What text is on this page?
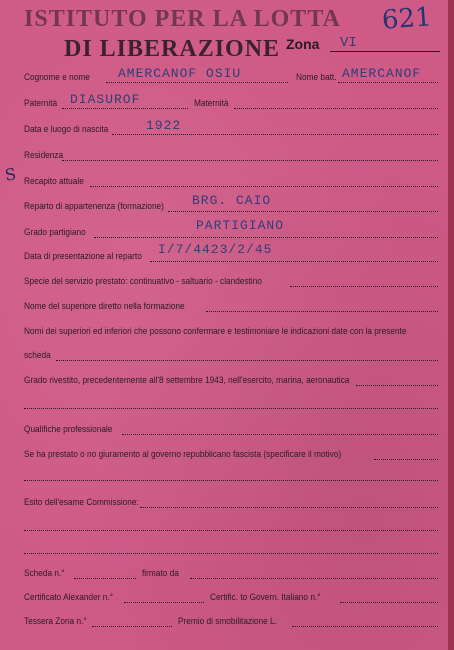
ISTITUTO PER LA LOTTA
DI LIBERAZIONE
621
Zona VI
S
Cognome e nome AMERCANOF OSIU	Nome batt. AMERCANOF
Paternità DIASUROF	Maternità
Data e luogo di nascita	1922
Residenza
Recapito attuale
Reparto di appartenenza (formazione) BRG. CAIO
Grado partigiano	PARTIGIANO
Data di presentazione al reparto I/7/4423/2/45
Specie del servizio prestato: continuativo - saltuario - clandestino
Nome del superiore diretto nella formazione
Nomi dei superiori ed inferiori che possono confermare e testimoniare le indicazioni date con la presente
scheda
Grado rivestito, precedentemente all'8 settembre 1943, nell'esercito, marina, aeronautica
Qualifiche professionale
Se ha prestato o no giuramento al governo repubblicano fascista (specificare il motivo)
Esito dell'esame Commissione:
Scheda n.°	firmato da
Certificato Alexander n.°	Certific. to Govern. Italiano n.°
Tessera Zona n.°	Premio di smobilitazione L.
